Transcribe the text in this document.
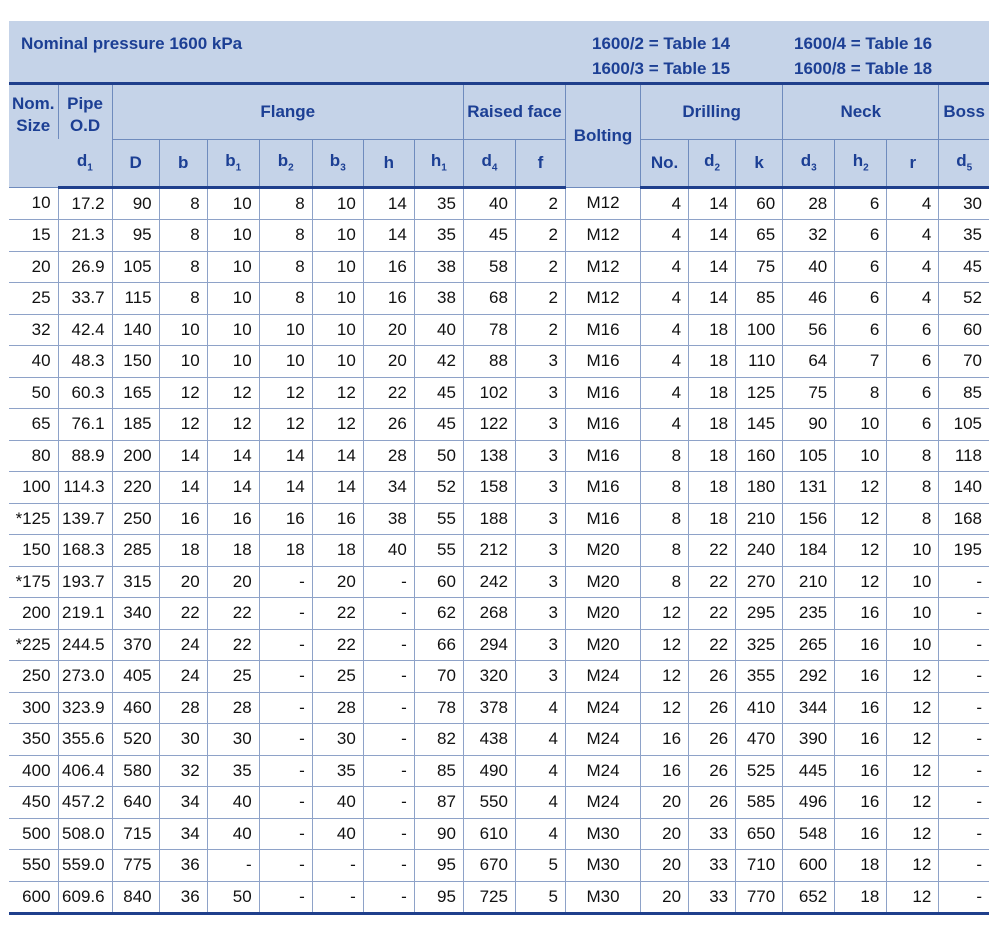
Nominal pressure 1600 kPa	1600/2 = Table 14
1600/3 = Table 15
1600/4 = Table 16
1600/8 = Table 18
Nom. Size	Pipe O.D	Flange							Raised face		Bolting	Drilling			Neck			Boss
	$d_1$	D	b	$b_1$	$b_2$	$b_3$	h	$h_1$	$d_4$	f		No.	$d_2$	k	$d_3$	$h_2$	r	$d_5$
10	17.2	90	8	10	8	10	14	35	40	2	M12	4	14	60	28	6	4	30
15	21.3	95	8	10	8	10	14	35	45	2	M12	4	14	65	32	6	4	35
20	26.9	105	8	10	8	10	16	38	58	2	M12	4	14	75	40	6	4	45
25	33.7	115	8	10	8	10	16	38	68	2	M12	4	14	85	46	6	4	52
32	42.4	140	10	10	10	10	20	40	78	2	M16	4	18	100	56	6	6	60
40	48.3	150	10	10	10	10	20	42	88	3	M16	4	18	110	64	7	6	70
50	60.3	165	12	12	12	12	22	45	102	3	M16	4	18	125	75	8	6	85
65	76.1	185	12	12	12	12	26	45	122	3	M16	4	18	145	90	10	6	105
80	88.9	200	14	14	14	14	28	50	138	3	M16	8	18	160	105	10	8	118
100	114.3	220	14	14	14	14	34	52	158	3	M16	8	18	180	131	12	8	140
*125	139.7	250	16	16	16	16	38	55	188	3	M16	8	18	210	156	12	8	168
150	168.3	285	18	18	18	18	40	55	212	3	M20	8	22	240	184	12	10	195
*175	193.7	315	20	20	-	20	-	60	242	3	M20	8	22	270	210	12	10	-
200	219.1	340	22	22	-	22	-	62	268	3	M20	12	22	295	235	16	10	-
*225	244.5	370	24	22	-	22	-	66	294	3	M20	12	22	325	265	16	10	-
250	273.0	405	24	25	-	25	-	70	320	3	M24	12	26	355	292	16	12	-
300	323.9	460	28	28	-	28	-	78	378	4	M24	12	26	410	344	16	12	-
350	355.6	520	30	30	-	30	-	82	438	4	M24	16	26	470	390	16	12	-
400	406.4	580	32	35	-	35	-	85	490	4	M24	16	26	525	445	16	12	-
450	457.2	640	34	40	-	40	-	87	550	4	M24	20	26	585	496	16	12	-
500	508.0	715	34	40	-	40	-	90	610	4	M30	20	33	650	548	16	12	-
550	559.0	775	36	-	-	-	-	95	670	5	M30	20	33	710	600	18	12	-
600	609.6	840	36	50	-	-	-	95	725	5	M30	20	33	770	652	18	12	-
